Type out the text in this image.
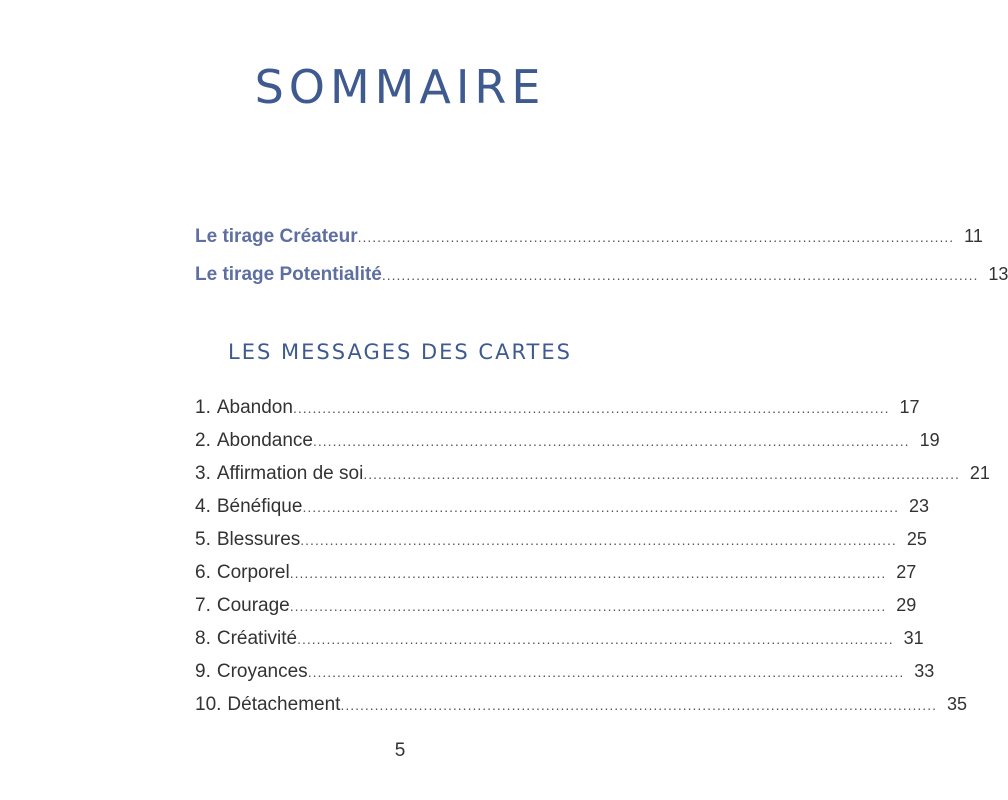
SOMMAIRE
Le tirage Créateur .......................................................................................................................... 11
Le tirage Potentialité .......................................................................................................................... 13
LES MESSAGES DES CARTES
1. Abandon .......................................................................................................................... 17
2. Abondance .......................................................................................................................... 19
3. Affirmation de soi .......................................................................................................................... 21
4. Bénéfique .......................................................................................................................... 23
5. Blessures .......................................................................................................................... 25
6. Corporel .......................................................................................................................... 27
7. Courage .......................................................................................................................... 29
8. Créativité .......................................................................................................................... 31
9. Croyances .......................................................................................................................... 33
10. Détachement .......................................................................................................................... 35
5
